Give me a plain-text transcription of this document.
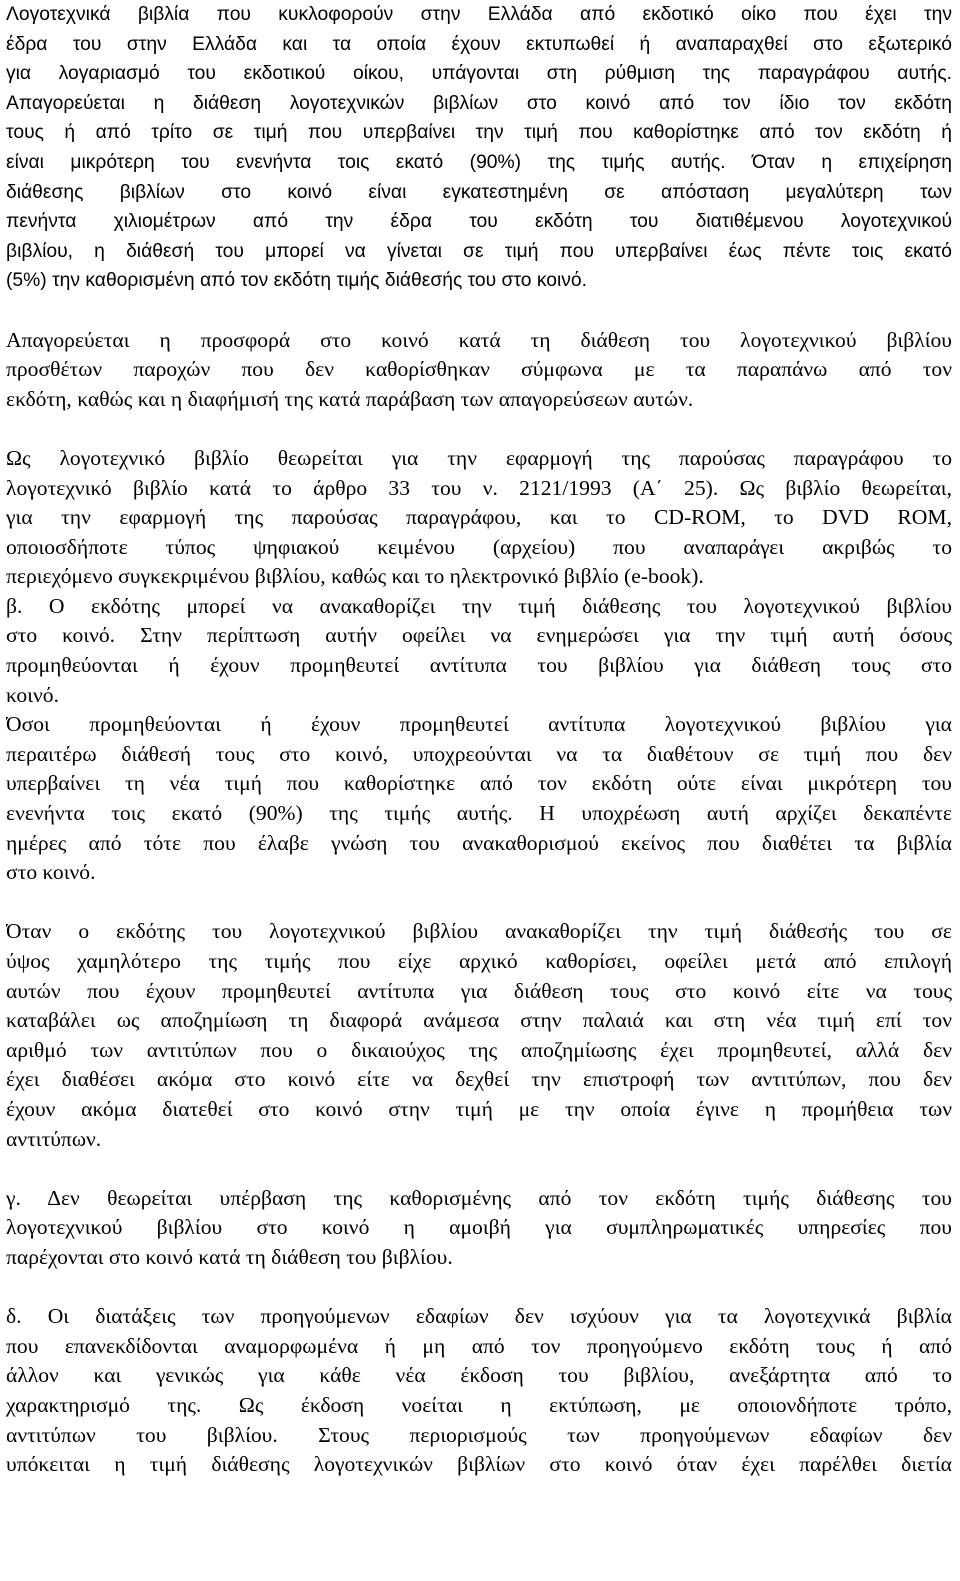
Λογοτεχνικά βιβλία που κυκλοφορούν στην Ελλάδα από εκδοτικό οίκο που έχει την
έδρα του στην Ελλάδα και τα οποία έχουν εκτυπωθεί ή αναπαραχθεί στο εξωτερικό
για λογαριασμό του εκδοτικού οίκου, υπάγονται στη ρύθμιση της παραγράφου αυτής.
Απαγορεύεται η διάθεση λογοτεχνικών βιβλίων στο κοινό από τον ίδιο τον εκδότη
τους ή από τρίτο σε τιμή που υπερβαίνει την τιμή που καθορίστηκε από τον εκδότη ή
είναι μικρότερη του ενενήντα τοις εκατό (90%) της τιμής αυτής. Όταν η επιχείρηση
διάθεσης βιβλίων στο κοινό είναι εγκατεστημένη σε απόσταση μεγαλύτερη των
πενήντα χιλιομέτρων από την έδρα του εκδότη του διατιθέμενου λογοτεχνικού
βιβλίου, η διάθεσή του μπορεί να γίνεται σε τιμή που υπερβαίνει έως πέντε τοις εκατό
(5%) την καθορισμένη από τον εκδότη τιμής διάθεσής του στο κοινό.
Απαγορεύεται η προσφορά στο κοινό κατά τη διάθεση του λογοτεχνικού βιβλίου
προσθέτων παροχών που δεν καθορίσθηκαν σύμφωνα με τα παραπάνω από τον
εκδότη, καθώς και η διαφήμισή της κατά παράβαση των απαγορεύσεων αυτών.
Ως λογοτεχνικό βιβλίο θεωρείται για την εφαρμογή της παρούσας παραγράφου το
λογοτεχνικό βιβλίο κατά το άρθρο 33 του ν. 2121/1993 (Α΄ 25). Ως βιβλίο θεωρείται,
για την εφαρμογή της παρούσας παραγράφου, και το CD-ROM, το DVD ROM,
οποιοσδήποτε τύπος ψηφιακού κειμένου (αρχείου) που αναπαράγει ακριβώς το
περιεχόμενο συγκεκριμένου βιβλίου, καθώς και το ηλεκτρονικό βιβλίο (e-book).
β. Ο εκδότης μπορεί να ανακαθορίζει την τιμή διάθεσης του λογοτεχνικού βιβλίου
στο κοινό. Στην περίπτωση αυτήν οφείλει να ενημερώσει για την τιμή αυτή όσους
προμηθεύονται ή έχουν προμηθευτεί αντίτυπα του βιβλίου για διάθεση τους στο
κοινό.
Όσοι προμηθεύονται ή έχουν προμηθευτεί αντίτυπα λογοτεχνικού βιβλίου για
περαιτέρω διάθεσή τους στο κοινό, υποχρεούνται να τα διαθέτουν σε τιμή που δεν
υπερβαίνει τη νέα τιμή που καθορίστηκε από τον εκδότη ούτε είναι μικρότερη του
ενενήντα τοις εκατό (90%) της τιμής αυτής. Η υποχρέωση αυτή αρχίζει δεκαπέντε
ημέρες από τότε που έλαβε γνώση του ανακαθορισμού εκείνος που διαθέτει τα βιβλία
στο κοινό.
Όταν ο εκδότης του λογοτεχνικού βιβλίου ανακαθορίζει την τιμή διάθεσής του σε
ύψος χαμηλότερο της τιμής που είχε αρχικό καθορίσει, οφείλει μετά από επιλογή
αυτών που έχουν προμηθευτεί αντίτυπα για διάθεση τους στο κοινό είτε να τους
καταβάλει ως αποζημίωση τη διαφορά ανάμεσα στην παλαιά και στη νέα τιμή επί τον
αριθμό των αντιτύπων που ο δικαιούχος της αποζημίωσης έχει προμηθευτεί, αλλά δεν
έχει διαθέσει ακόμα στο κοινό είτε να δεχθεί την επιστροφή των αντιτύπων, που δεν
έχουν ακόμα διατεθεί στο κοινό στην τιμή με την οποία έγινε η προμήθεια των
αντιτύπων.
γ. Δεν θεωρείται υπέρβαση της καθορισμένης από τον εκδότη τιμής διάθεσης του
λογοτεχνικού βιβλίου στο κοινό η αμοιβή για συμπληρωματικές υπηρεσίες που
παρέχονται στο κοινό κατά τη διάθεση του βιβλίου.
δ. Οι διατάξεις των προηγούμενων εδαφίων δεν ισχύουν για τα λογοτεχνικά βιβλία
που επανεκδίδονται αναμορφωμένα ή μη από τον προηγούμενο εκδότη τους ή από
άλλον και γενικώς για κάθε νέα έκδοση του βιβλίου, ανεξάρτητα από το
χαρακτηρισμό της. Ως έκδοση νοείται η εκτύπωση, με οποιονδήποτε τρόπο,
αντιτύπων του βιβλίου. Στους περιορισμούς των προηγούμενων εδαφίων δεν
υπόκειται η τιμή διάθεσης λογοτεχνικών βιβλίων στο κοινό όταν έχει παρέλθει διετία
